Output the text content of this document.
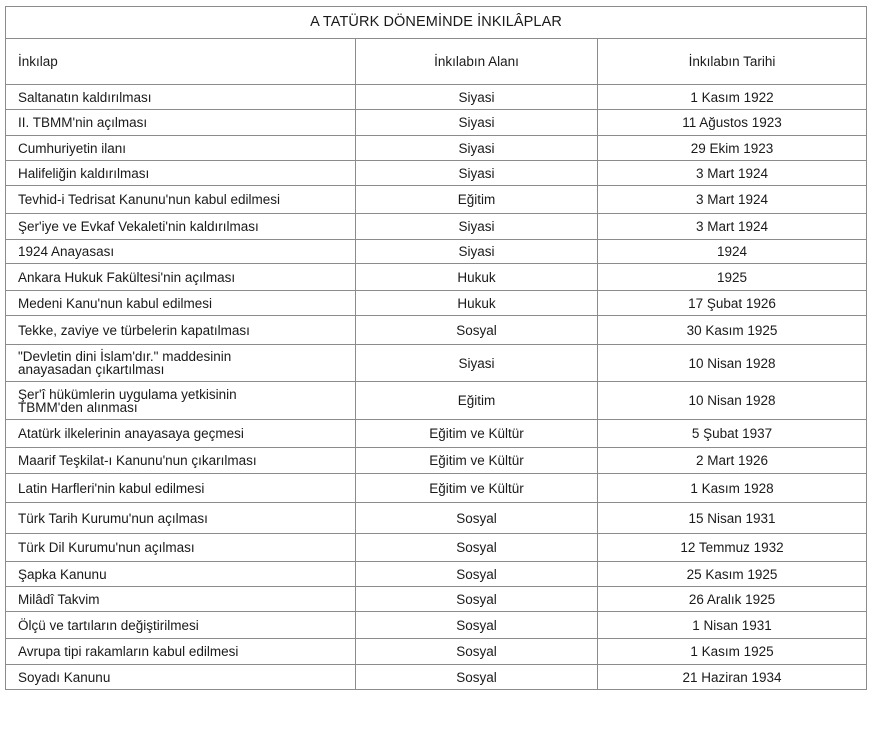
A TATÜRK DÖNEMİNDE İNKILÂPLAR
İnkılap	İnkılabın Alanı	İnkılabın Tarihi
Saltanatın kaldırılması	Siyasi	1 Kasım 1922
II. TBMM'nin açılması	Siyasi	11 Ağustos 1923
Cumhuriyetin ilanı	Siyasi	29 Ekim 1923
Halifeliğin kaldırılması	Siyasi	3 Mart 1924
Tevhid-i Tedrisat Kanunu'nun kabul edilmesi	Eğitim	3 Mart 1924
Şer'iye ve Evkaf Vekaleti'nin kaldırılması	Siyasi	3 Mart 1924
1924 Anayasası	Siyasi	1924
Ankara Hukuk Fakültesi'nin açılması	Hukuk	1925
Medeni Kanu'nun kabul edilmesi	Hukuk	17 Şubat 1926
Tekke, zaviye ve türbelerin kapatılması	Sosyal	30 Kasım 1925
"Devletin dini İslam'dır." maddesinin
anayasadan çıkartılması	Siyasi	10 Nisan 1928
Şer'î hükümlerin uygulama yetkisinin
TBMM'den alınması	Eğitim	10 Nisan 1928
Atatürk ilkelerinin anayasaya geçmesi	Eğitim ve Kültür	5 Şubat 1937
Maarif Teşkilat-ı Kanunu'nun çıkarılması	Eğitim ve Kültür	2 Mart 1926
Latin Harfleri'nin kabul edilmesi	Eğitim ve Kültür	1 Kasım 1928
Türk Tarih Kurumu'nun açılması	Sosyal	15 Nisan 1931
Türk Dil Kurumu'nun açılması	Sosyal	12 Temmuz 1932
Şapka Kanunu	Sosyal	25 Kasım 1925
Milâdî Takvim	Sosyal	26 Aralık 1925
Ölçü ve tartıların değiştirilmesi	Sosyal	1 Nisan 1931
Avrupa tipi rakamların kabul edilmesi	Sosyal	1 Kasım 1925
Soyadı Kanunu	Sosyal	21 Haziran 1934
